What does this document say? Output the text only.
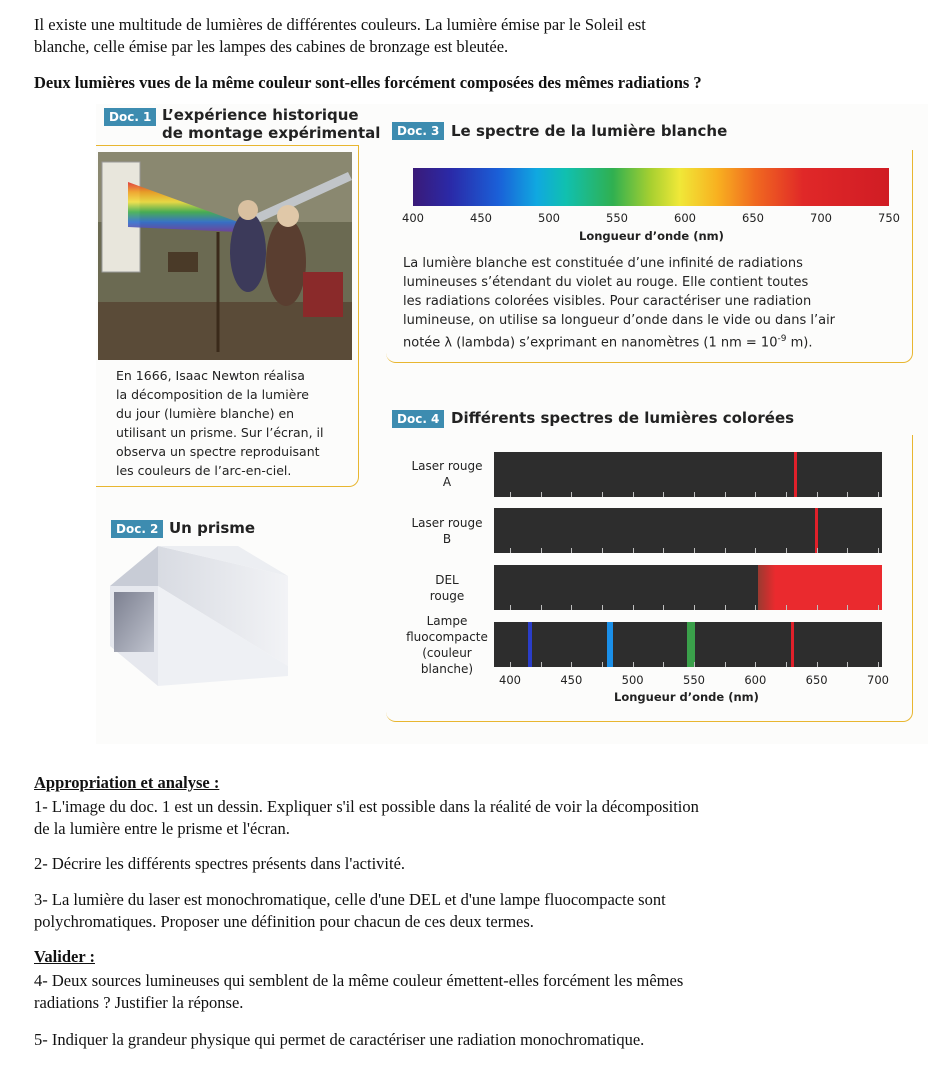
Il existe une multitude de lumières de différentes couleurs. La lumière émise par le Soleil est

blanche, celle émise par les lampes des cabines de bronzage est bleutée.

Deux lumières vues de la même couleur sont-elles forcément composées des mêmes radiations ?

Doc. 1 L’expérience historique
de montage expérimental
En 1666, Isaac Newton réalisa
la décomposition de la lumière
du jour (lumière blanche) en
utilisant un prisme. Sur l’écran, il
observa un spectre reproduisant
les couleurs de l’arc-en-ciel.
Doc. 2 Un prisme
Doc. 3 Le spectre de la lumière blanche
400	450	500	550	600	650	700	750
Longueur d’onde (nm)
La lumière blanche est constituée d’une infinité de radiations
lumineuses s’étendant du violet au rouge. Elle contient toutes
les radiations colorées visibles. Pour caractériser une radiation
lumineuse, on utilise sa longueur d’onde dans le vide ou dans l’air
notée λ (lambda) s’exprimant en nanomètres (1 nm = $10^{-9}$ m).
Doc. 4 Différents spectres de lumières colorées
Laser rouge
A
Laser rouge
B
DEL
rouge
Lampe
fluocompacte
(couleur
blanche)
400	450	500	550	600	650	700
Longueur d’onde (nm)

Appropriation et analyse :

1- L'image du doc. 1 est un dessin. Expliquer s'il est possible dans la réalité de voir la décomposition

de la lumière entre le prisme et l'écran.

2- Décrire les différents spectres présents dans l'activité.

3- La lumière du laser est monochromatique, celle d'une DEL et d'une lampe fluocompacte sont

polychromatiques. Proposer une définition pour chacun de ces deux termes.

Valider :

4- Deux sources lumineuses qui semblent de la même couleur émettent-elles forcément les mêmes

radiations ? Justifier la réponse.

5- Indiquer la grandeur physique qui permet de caractériser une radiation monochromatique.
